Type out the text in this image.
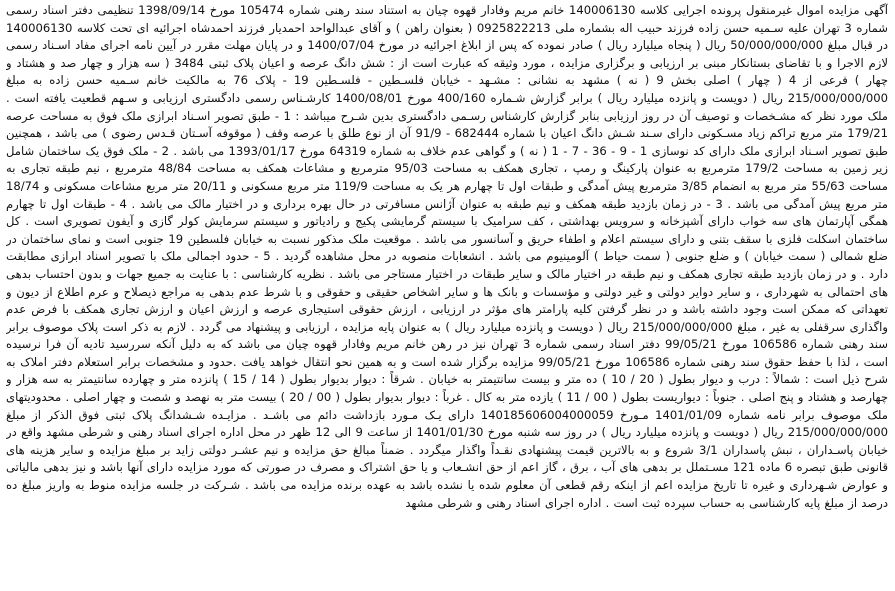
آگهی مزایده اموال غیرمنقول پرونده اجرایی کلاسه 140006130 خانم مریم وفادار قهوه چیان به استناد سند رهنی شماره 105474 مورخ 1398/09/14 تنظیمی دفتر اسناد رسمی شماره 3 تهران علیه سـمیه حسن زاده فرزند حبیب اله بشماره ملی 0925822213 ( بعنوان راهن ) و آقای عبدالواحد احمدیار فرزند احمدشاه اجرائیه ای تحت کلاسه 140006130 در قبال مبلغ 50/000/000/000 ریال ( پنجاه میلیارد ریال ) صادر نموده که پس از ابلاغ اجرائیه در مورخ 1400/07/04 و در پایان مهلت مقرر در آیین نامه اجرای مفاد اسـناد رسمی لازم الاجرا و با تقاضای بستانکار مبنی بر ارزیابی و برگزاری مزایده ، مورد وثیقه که عبارت است از : شش دانگ عرصه و اعیان پلاک ثبتی 3484 ( سه هزار و چهار صد و هشتاد و چهار ) فرعی از 4 ( چهار ) اصلی بخش 9 ( نه ) مشهد به نشانی : مشـهد - خیابان فلسـطین - فلسـطین 19 - پلاک 76 به مالکیت خانم سـمیه حسن زاده به مبلغ 215/000/000/000 ریال ( دویست و پانزده میلیارد ریال ) برابر گزارش شـماره 400/160 مورخ 1400/08/01 کارشـناس رسمی دادگستری ارزیابی و سـهم قطعیت یافته است . ملک مورد نظر که مشـخصات و توصیف آن در روز ارزیابی بنابر گزارش کارشناس رسـمی دادگستری بدین شـرح میباشد : 1 - طبق تصویر اسـناد ابرازی ملک فوق به مساحت عرصه 179/21 متر مربع تراکم زیاد مسـکونی دارای سـند شـش دانگ اعیان با شماره 682444 - 91/9 آن از نوع طلق با عرصه وقف ( موقوفه آسـتان قـدس رضوی ) می باشد ، همچنین طبق تصویر اسـناد ابرازی ملک دارای کد نوسازی 1 - 9 - 36 - 7 - 1 ( نه ) و گواهی عدم خلاف به شماره 64319 مورخ 1393/01/17 می باشد . 2 - ملک فوق یک ساختمان شامل زیر زمین به مساحت 179/2 مترمربع به عنوان پارکینگ و رمپ ، تجاری همکف به مساحت 95/03 مترمربع و مشاعات همکف به مساحت 48/84 مترمربع ، نیم طبقه تجاری به مساحت 55/63 متر مربع به انضمام 3/85 مترمربع پیش آمدگی و طبقات اول تا چهارم هر یک به مساحت 119/9 متر مربع مسکونی و 20/11 متر مربع مشاعات مسکونی و 18/74 متر مربع پیش آمدگی می باشد . 3 - در زمان بازدید طبقه همکف و نیم طبقه به عنوان آژانس مسافرتی در حال بهره برداری و در اختیار مالک می باشد . 4 - طبقات اول تا چهارم همگی آپارتمان های سه خواب دارای آشپزخانه و سرویس بهداشتی ، کف سرامیک با سیستم گرمایشی پکیج و رادیاتور و سیستم سرمایش کولر گازی و آیفون تصویری است . کل ساختمان اسکلت فلزی با سقف بتنی و دارای سیستم اعلام و اطفاء حریق و آسانسور می باشد . موقعیت ملک مذکور نسبت به خیابان فلسطین 19 جنوبی است و نمای ساختمان در ضلع شمالی ( سمت خیابان ) و ضلع جنوبی ( سمت حیاط ) آلومینیوم می باشد . انشعابات منصوبه در محل مشاهده گردید . 5 - حدود اجمالی ملک با تصویر اسناد ابرازی مطابقت دارد . و در زمان بازدید طبقه تجاری همکف و نیم طبقه در اختیار مالک و سایر طبقات در اختیار مستاجر می باشد . نظریه کارشناسی : با عنایت به جمیع جهات و بدون احتساب بدهی های احتمالی به شهرداری ، و سایر دوایر دولتی و غیر دولتی و مؤسسات و بانک ها و سایر اشخاص حقیقی و حقوقی و با شرط عدم بدهی به مراجع ذیصلاح و عرم اطلاع از دیون و تعهداتی که ممکن است وجود داشته باشد و در نظر گرفتن کلیه پارامتر های مؤثر در ارزیابی ، ارزش حقوقی استیجاری عرصه و ارزش اعیان و ارزش تجاری همکف با فرض عدم واگذاری سرقفلی به غیر ، مبلغ 215/000/000/000 ریال ( دویست و پانزده میلیارد ریال ) به عنوان پایه مزایده ، ارزیابی و پیشنهاد می گردد . لازم به ذکر است پلاک موصوف برابر سند رهنی شماره 106586 مورخ 99/05/21 دفتر اسناد رسمی شماره 3 تهران نیز در رهن خانم مریم وفادار قهوه چیان می باشد که به دلیل آنکه سررسید تادیه آن فرا نرسیده است ، لذا با حفظ حقوق سند رهنی شماره 106586 مورخ 99/05/21 مزایده برگزار شده است و به همین نحو انتقال خواهد یافت .حدود و مشخصات برابر استعلام دفتر املاک به شرح ذیل است : شمالاً : درب و دیوار بطول ( 20 / 10 ) ده متر و بیست سانتیمتر به خیابان . شرقاً : دیوار بدیوار بطول ( 14 / 15 ) پانزده متر و چهارده سانتیمتر به سه هزار و چهارصد و هشتاد و پنج اصلی . جنوباً : دیواریست بطول ( 00 / 11 ) یازده متر به کال . غرباً : دیوار بدیوار بطول ( 00 / 20 ) بیست متر به نهصد و شصت و چهار اصلی . محدودیتهای ملک موصوف برابر نامه شماره 1401/01/09 مـورخ 140185606004000059 دارای یـک مـورد بازداشت دائم می باشـد . مزایـده شـشدانگ پلاک ثبتی فوق الذکر از مبلغ 215/000/000/000 ریال ( دویست و پانزده میلیارد ریال ) در روز سه شنبه مورخ 1401/01/30 از ساعت 9 الی 12 ظهر در محل اداره اجرای اسناد رهنی و شرطی مشهد واقع در خیابان پاسـداران ، نبش پاسداران 3/1 شروع و به بالاترین قیمت پیشنهادی نقـداً واگذار میگردد . ضمناً مبالغ حق مزایده و نیم عشـر دولتی زاید بر مبلغ مزایده و سایر هزینه های قانونی طبق تبصره 6 ماده 121 مسـتملل بر بدهی های آب ، برق ، گاز اعم از حق انشـعاب و یا حق اشتراک و مصرف در صورتی که مورد مزایده دارای آنها باشد و نیز بدهی مالیاتی و عوارض شـهرداری و غیره تا تاریخ مزایده اعم از اینکه رقم قطعی آن معلوم شده یا نشده باشد به عهده برنده مزایده می باشد . شـرکت در جلسه مزایده منوط به واریز مبلغ ده درصد از مبلغ پایه کارشناسی به حساب سپرده ثبت است . اداره اجرای اسناد رهنی و شرطی مشهد
